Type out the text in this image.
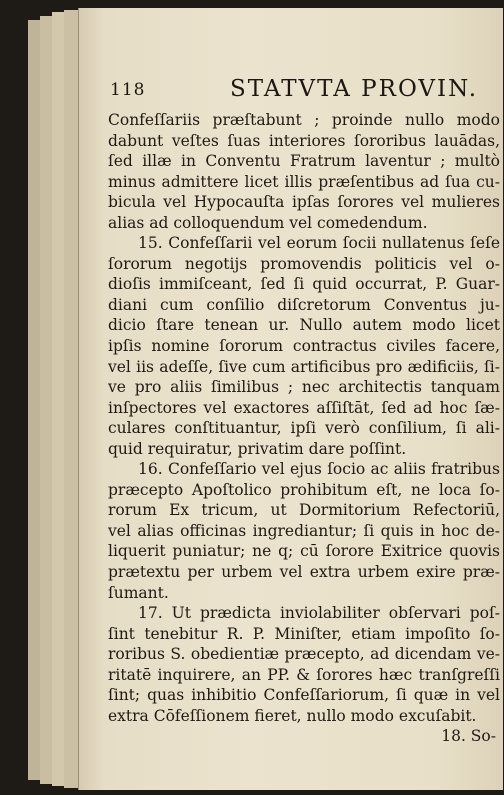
118	STATVTA PROVIN.
Confeſſariis præſtabunt ; proinde nullo modo
dabunt veſtes ſuas interiores ſororibus lauādas,
ſed illæ in Conventu Fratrum laventur ; multò
minus admittere licet illis præſentibus ad ſua cu-
bicula vel Hypocauſta ipſas ſorores vel mulieres
alias ad colloquendum vel comedendum.
15. Confeſſarii vel eorum ſocii nullatenus ſeſe
ſororum negotijs promovendis politicis vel o-
dioſis immiſceant, ſed ſi quid occurrat, P. Guar-
diani cum conſilio diſcretorum Conventus ju-
dicio ſtare tenean ur. Nullo autem modo licet
ipſis nomine ſororum contractus civiles facere,
vel iis adeſſe, ſive cum artificibus pro ædificiis, ſi-
ve pro aliis ſimilibus ; nec architectis tanquam
inſpectores vel exactores aſſiſtāt, ſed ad hoc ſæ-
culares conſtituantur, ipſi verò conſilium, ſi ali-
quid requiratur, privatim dare poſſint.
16. Confeſſario vel ejus ſocio ac aliis fratribus
præcepto Apoſtolico prohibitum eſt, ne loca ſo-
rorum Ex tricum, ut Dormitorium Refectoriū,
vel alias officinas ingrediantur; ſi quis in hoc de-
liquerit puniatur; ne q; cū ſorore Exitrice quovis
prætextu per urbem vel extra urbem exire præ-
ſumant.
17. Ut prædicta inviolabiliter obſervari poſ-
ſint tenebitur R. P. Miniſter, etiam impoſito ſo-
roribus S. obedientiæ præcepto, ad dicendam ve-
ritatē inquirere, an PP. & ſorores hæc tranſgreſſi
ſint; quas inhibitio Confeſſariorum, ſi quæ in vel
extra Cōfeſſionem fieret, nullo modo excuſabit.
18. So-
